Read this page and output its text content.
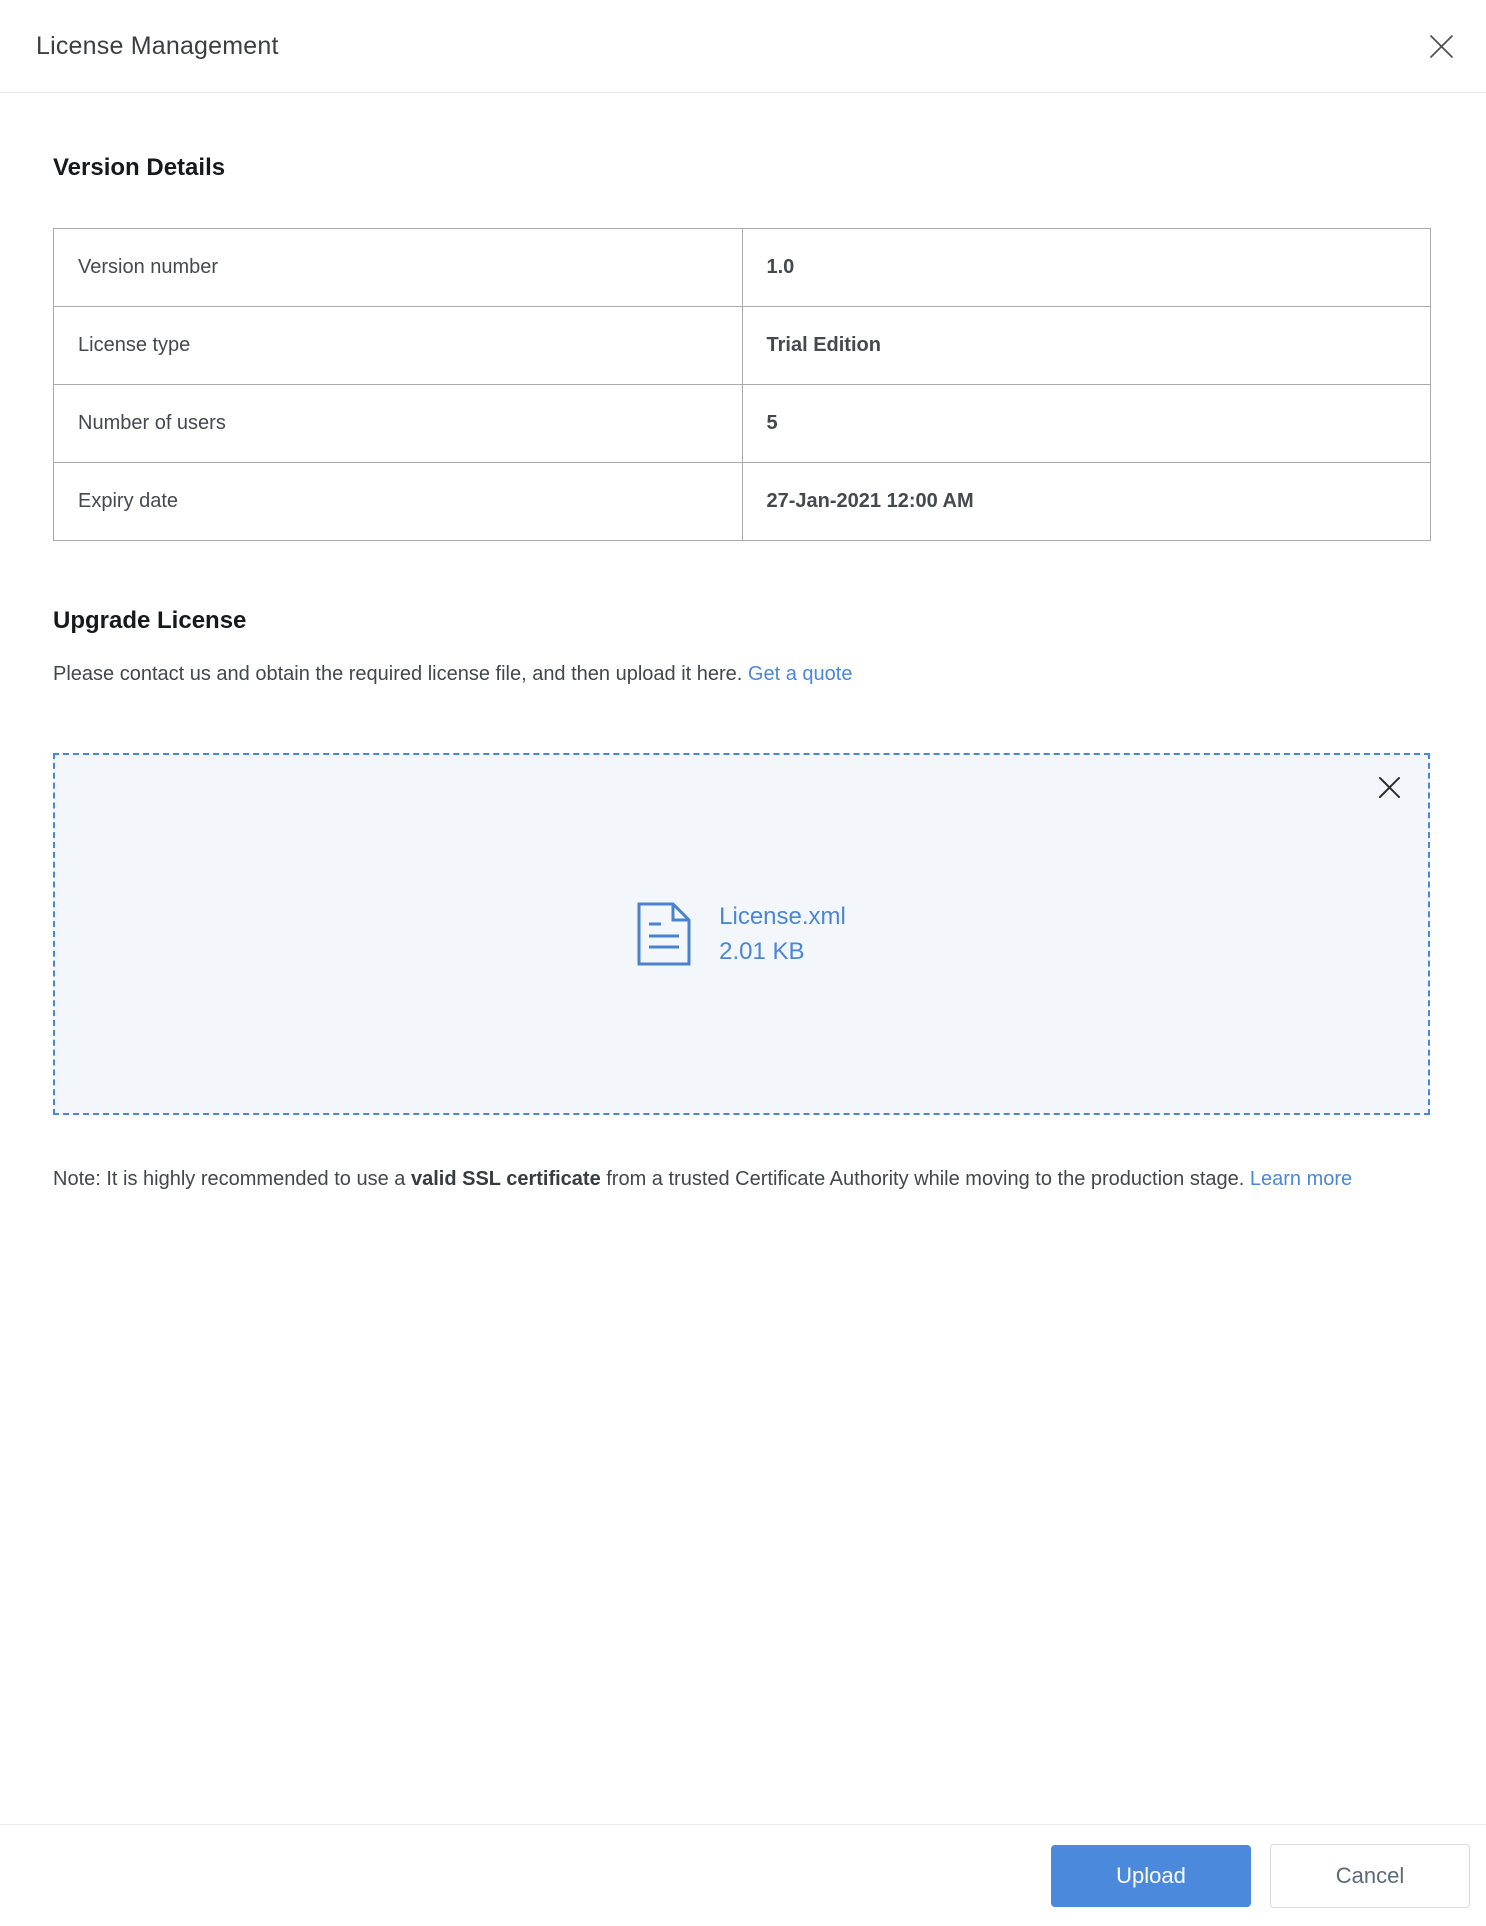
License Management
Version Details
Version number	1.0
License type	Trial Edition
Number of users	5
Expiry date	27-Jan-2021 12:00 AM
Upgrade License
Please contact us and obtain the required license file, and then upload it here. Get a quote
License.xml
2.01 KB
Note: It is highly recommended to use a valid SSL certificate from a trusted Certificate Authority while moving to the production stage. Learn more
Upload	Cancel
